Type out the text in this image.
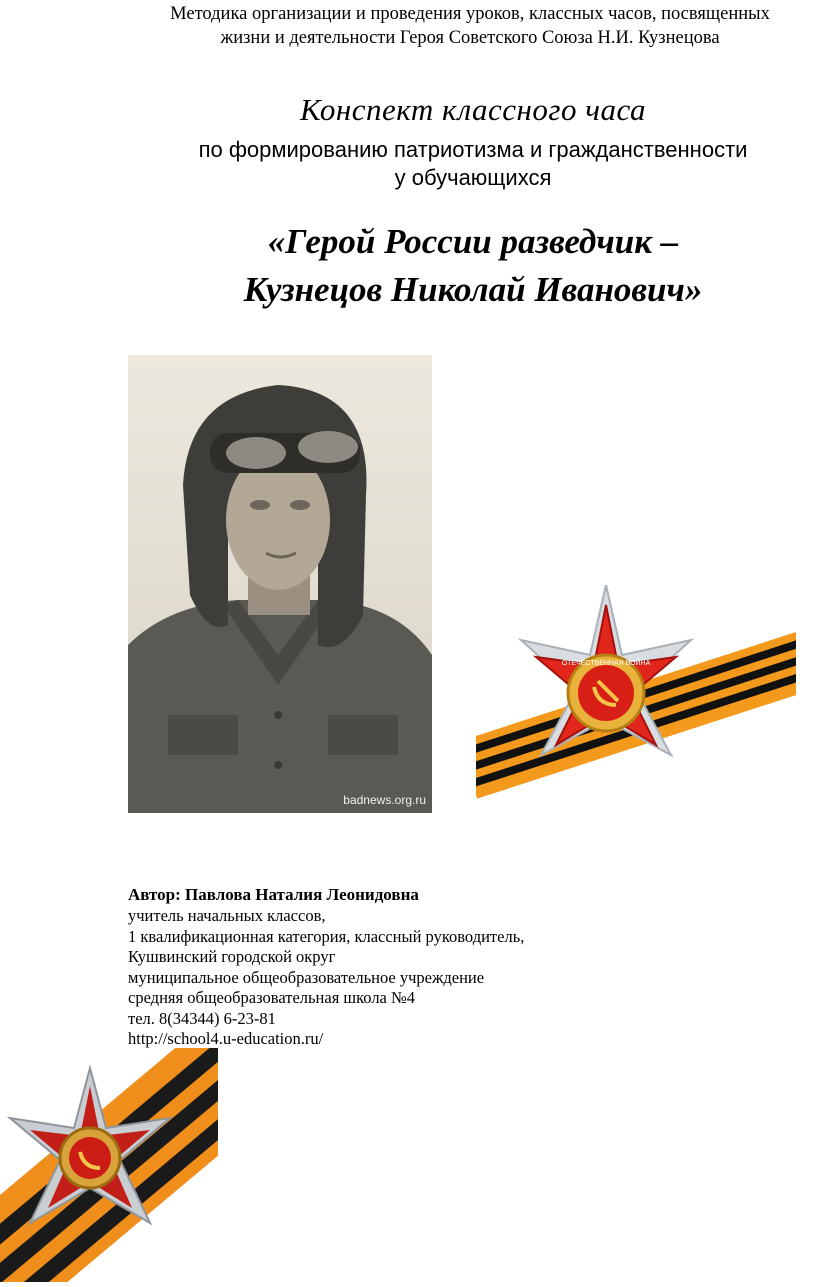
Методика организации и проведения уроков, классных часов, посвященных
жизни и деятельности Героя Советского Союза Н.И. Кузнецова
Конспект классного часа
по формированию патриотизма и гражданственности
у обучающихся
«Герой России разведчик –
Кузнецов Николай Иванович»
badnews.org.ru
ОТЕЧЕСТВЕННАЯ ВОЙНА
Автор: Павлова Наталия Леонидовна
учитель начальных классов,
1 квалификационная категория, классный руководитель,
Кушвинский городской округ
муниципальное общеобразовательное учреждение
средняя общеобразовательная школа №4
тел. 8(34344) 6-23-81
http://school4.u-education.ru/
